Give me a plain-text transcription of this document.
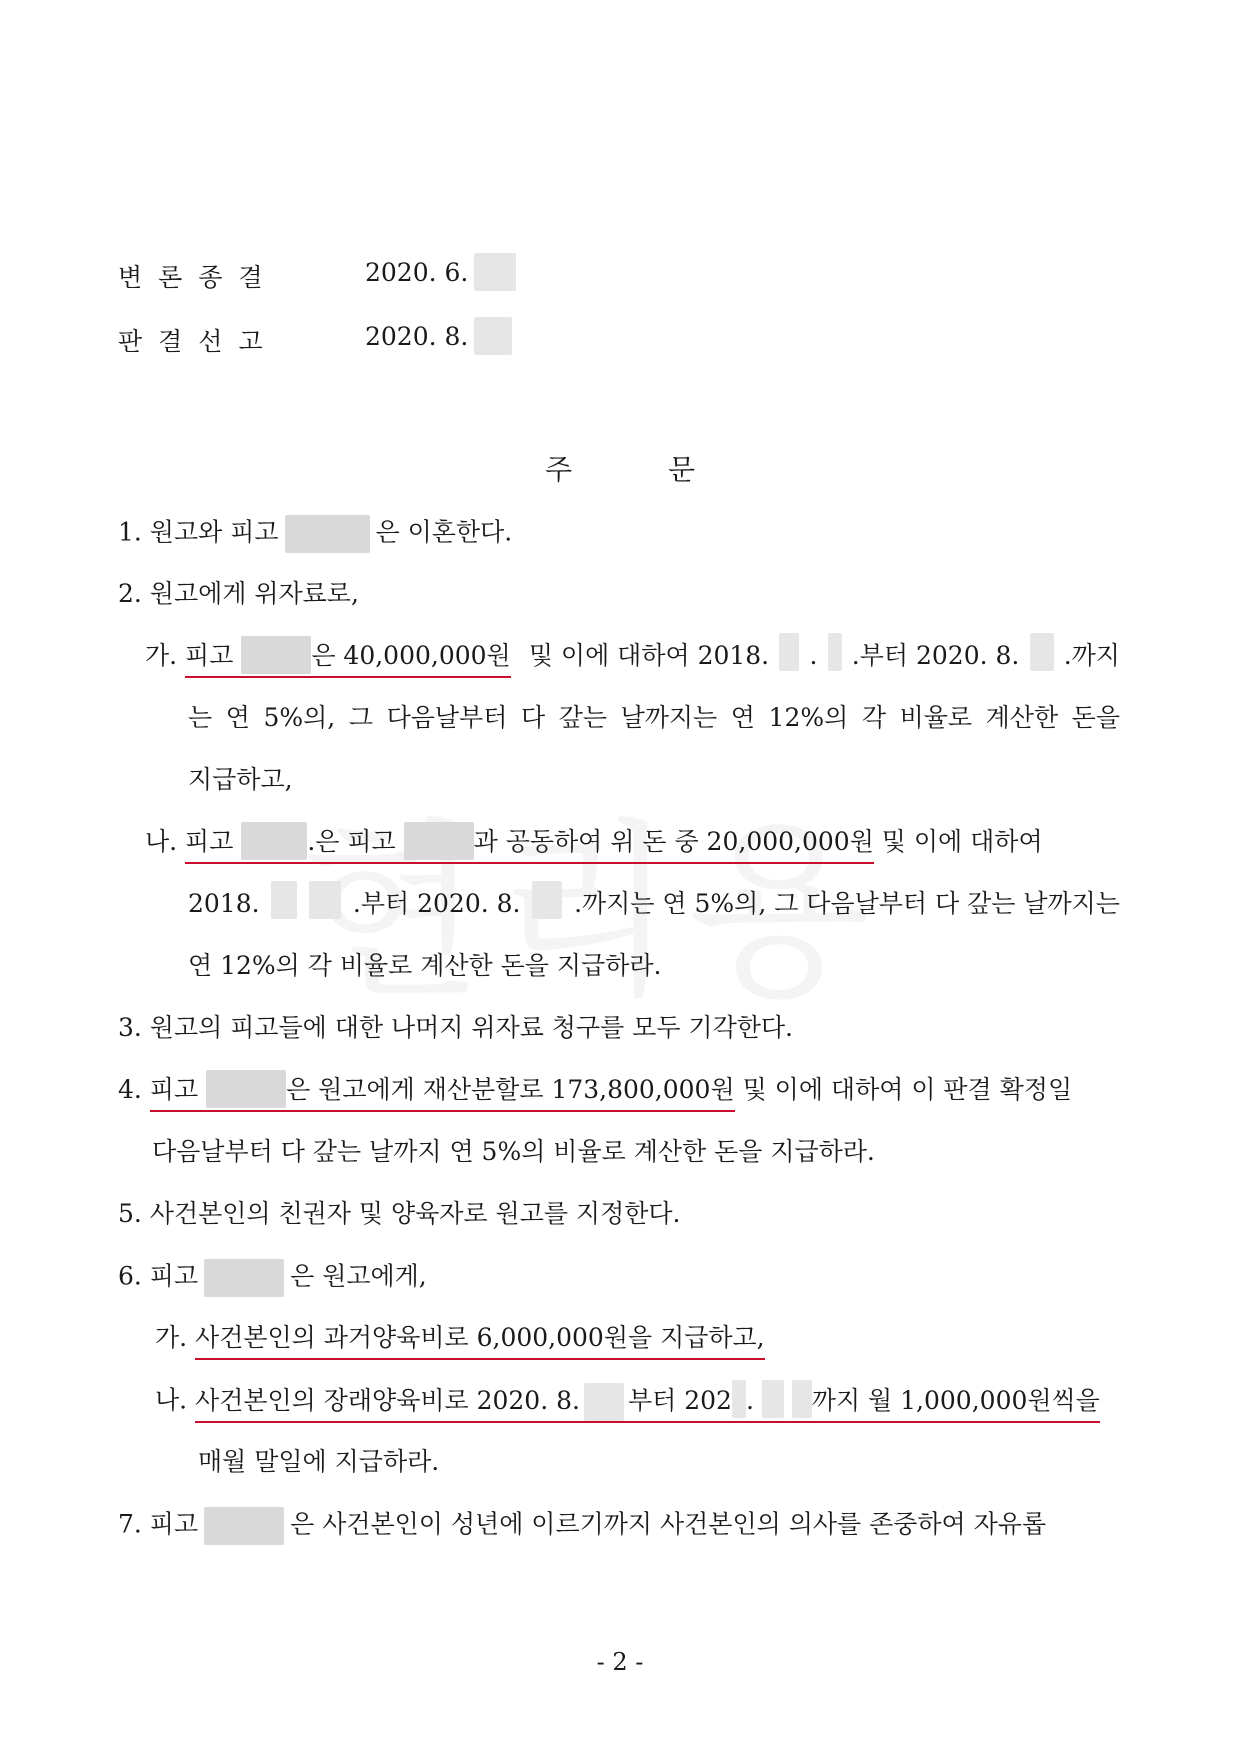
변론종결	2020. 6.
판결선고	2020. 8.
주	문
1. 원고와 피고	은 이혼한다.
2. 원고에게 위자료로,
가. 피고	은 40,000,000원 및 이에 대하여 2018. . .부터 2020. 8. .까지
는 연 5%의, 그 다음날부터 다 갚는 날까지는 연 12%의 각 비율로 계산한 돈을
지급하고,
나. 피고	.은 피고	과 공동하여 위 돈 중 20,000,000원 및 이에 대하여
2018.	.부터 2020. 8. .까지는 연 5%의, 그 다음날부터 다 갚는 날까지는
연 12%의 각 비율로 계산한 돈을 지급하라.
3. 원고의 피고들에 대한 나머지 위자료 청구를 모두 기각한다.
4. 피고	은 원고에게 재산분할로 173,800,000원 및 이에 대하여 이 판결 확정일
다음날부터 다 갚는 날까지 연 5%의 비율로 계산한 돈을 지급하라.
5. 사건본인의 친권자 및 양육자로 원고를 지정한다.
6. 피고	은 원고에게,
가. 사건본인의 과거양육비로 6,000,000원을 지급하고,
나. 사건본인의 장래양육비로 2020. 8. 부터 202 . 까지 월 1,000,000원씩을
매월 말일에 지급하라.
7. 피고	은 사건본인이 성년에 이르기까지 사건본인의 의사를 존중하여 자유롭
- 2 -
